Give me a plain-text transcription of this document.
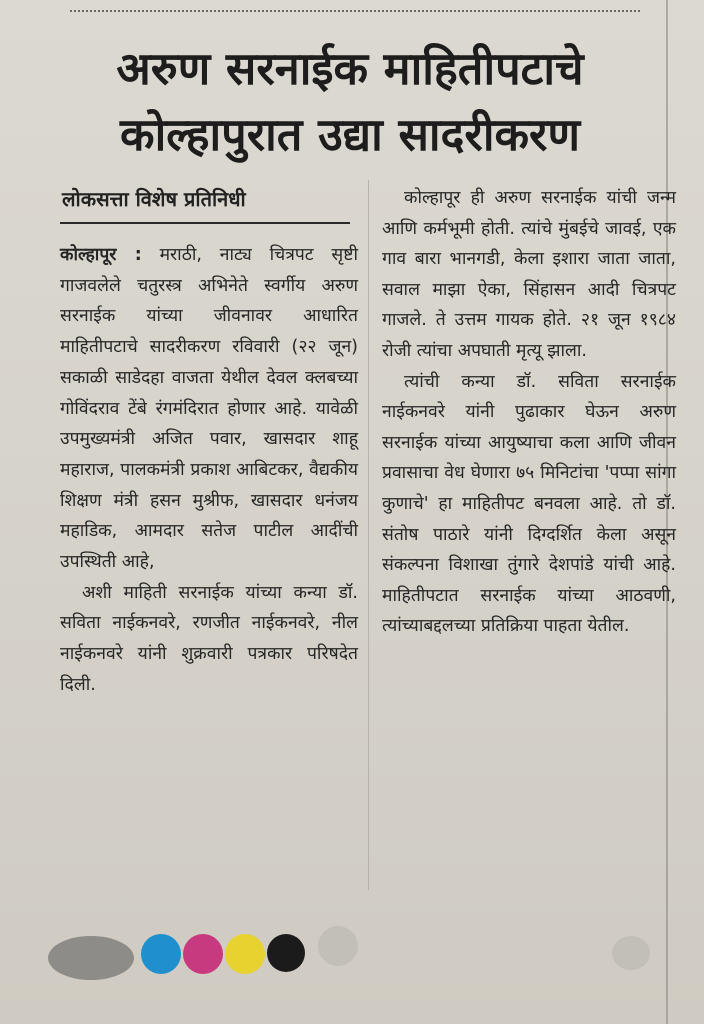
अरुण सरनाईक माहितीपटाचे
कोल्हापुरात उद्या सादरीकरण
लोकसत्ता विशेष प्रतिनिधी

कोल्हापूर : मराठी, नाट्य चित्रपट सृष्टी गाजवलेले चतुरस्त्र अभिनेते स्वर्गीय अरुण सरनाईक यांच्या जीवनावर आधारित माहितीपटाचे सादरीकरण रविवारी (२२ जून) सकाळी साडेदहा वाजता येथील देवल क्लबच्या गोविंदराव टेंबे रंगमंदिरात होणार आहे. यावेळी उपमुख्यमंत्री अजित पवार, खासदार शाहू महाराज, पालकमंत्री प्रकाश आबिटकर, वैद्यकीय शिक्षण मंत्री हसन मुश्रीफ, खासदार धनंजय महाडिक, आमदार सतेज पाटील आदींची उपस्थिती आहे,

अशी माहिती सरनाईक यांच्या कन्या डॉ. सविता नाईकनवरे, रणजीत नाईकनवरे, नील नाईकनवरे यांनी शुक्रवारी पत्रकार परिषदेत दिली.

कोल्हापूर ही अरुण सरनाईक यांची जन्म आणि कर्मभूमी होती. त्यांचे मुंबईचे जावई, एक गाव बारा भानगडी, केला इशारा जाता जाता, सवाल माझा ऐका, सिंहासन आदी चित्रपट गाजले. ते उत्तम गायक होते. २१ जून १९८४ रोजी त्यांचा अपघाती मृत्यू झाला.

त्यांची कन्या डॉ. सविता सरनाईक नाईकनवरे यांनी पुढाकार घेऊन अरुण सरनाईक यांच्या आयुष्याचा कला आणि जीवन प्रवासाचा वेध घेणारा ७५ मिनिटांचा 'पप्पा सांगा कुणाचे' हा माहितीपट बनवला आहे. तो डॉ. संतोष पाठारे यांनी दिग्दर्शित केला असून संकल्पना विशाखा तुंगारे देशपांडे यांची आहे. माहितीपटात सरनाईक यांच्या आठवणी, त्यांच्याबद्दलच्या प्रतिक्रिया पाहता येतील.
